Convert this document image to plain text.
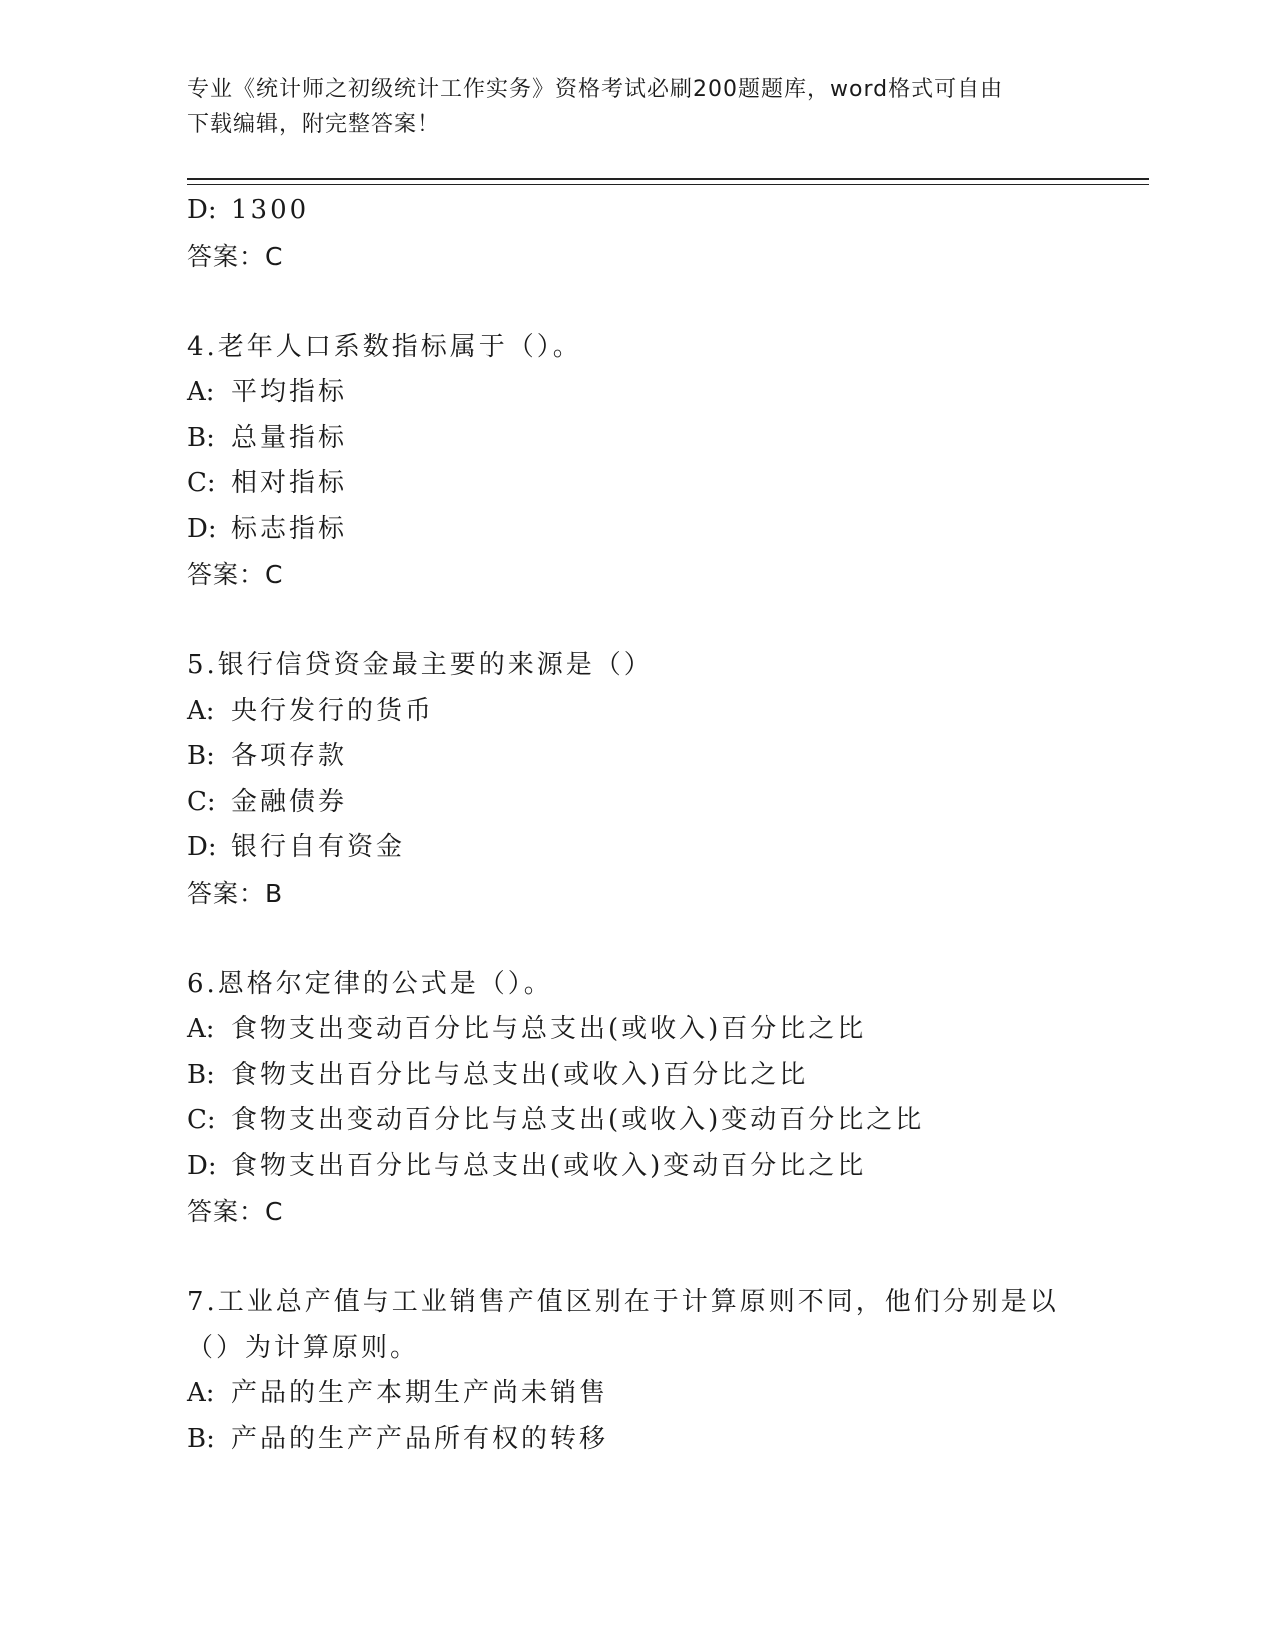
专业《统计师之初级统计工作实务》资格考试必刷200题题库，word格式可自由
下载编辑，附完整答案！
D: 1300
答案：C
4.老年人口系数指标属于（）。
A: 平均指标
B: 总量指标
C: 相对指标
D: 标志指标
答案：C
5.银行信贷资金最主要的来源是（）
A: 央行发行的货币
B: 各项存款
C: 金融债券
D: 银行自有资金
答案：B
6.恩格尔定律的公式是（）。
A: 食物支出变动百分比与总支出(或收入)百分比之比
B: 食物支出百分比与总支出(或收入)百分比之比
C: 食物支出变动百分比与总支出(或收入)变动百分比之比
D: 食物支出百分比与总支出(或收入)变动百分比之比
答案：C
7.工业总产值与工业销售产值区别在于计算原则不同，他们分别是以
（）为计算原则。
A: 产品的生产本期生产尚未销售
B: 产品的生产产品所有权的转移
